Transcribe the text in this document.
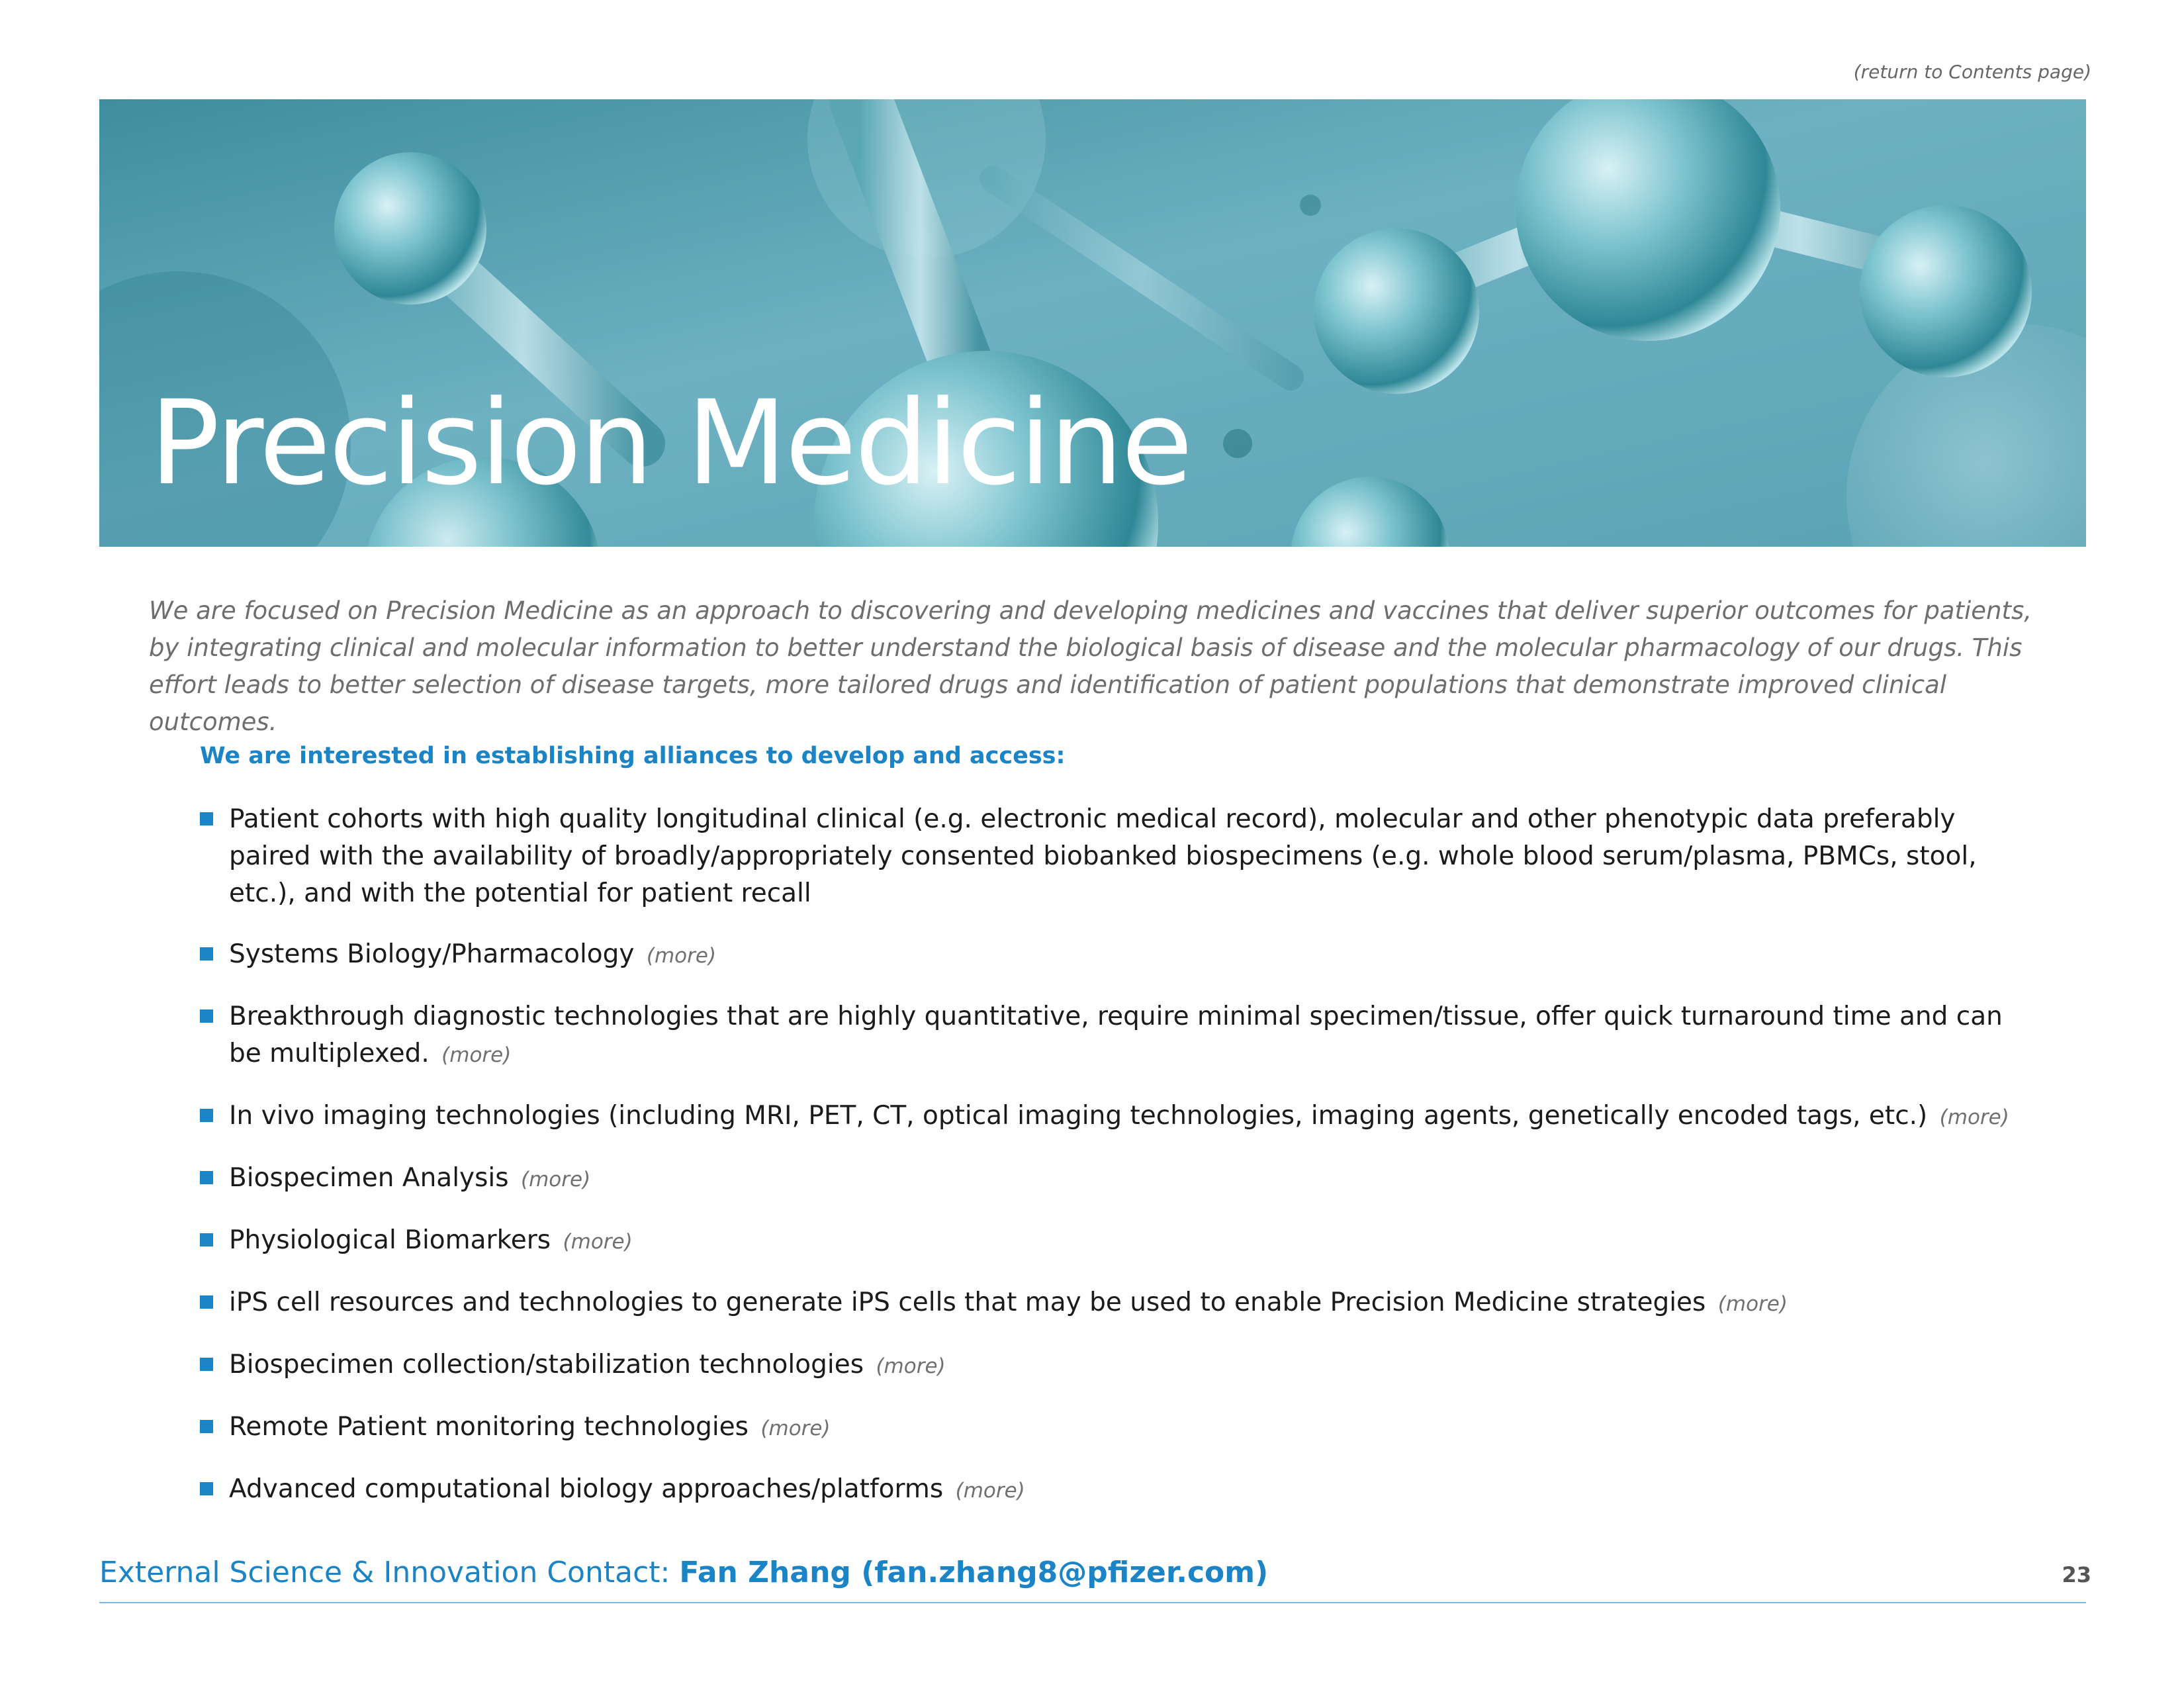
(return to Contents page)
Precision Medicine

We are focused on Precision Medicine as an approach to discovering and developing medicines and vaccines that deliver superior outcomes for patients, by integrating clinical and molecular information to better understand the biological basis of disease and the molecular pharmacology of our drugs. This effort leads to better selection of disease targets, more tailored drugs and identification of patient populations that demonstrate improved clinical outcomes.

We are interested in establishing alliances to develop and access:

Patient cohorts with high quality longitudinal clinical (e.g. electronic medical record), molecular and other phenotypic data preferably paired with the availability of broadly/appropriately consented biobanked biospecimens (e.g. whole blood serum/plasma, PBMCs, stool, etc.), and with the potential for patient recall
Systems Biology/Pharmacology (more)
Breakthrough diagnostic technologies that are highly quantitative, require minimal specimen/tissue, offer quick turnaround time and can be multiplexed. (more)
In vivo imaging technologies (including MRI, PET, CT, optical imaging technologies, imaging agents, genetically encoded tags, etc.) (more)
Biospecimen Analysis (more)
Physiological Biomarkers (more)
iPS cell resources and technologies to generate iPS cells that may be used to enable Precision Medicine strategies (more)
Biospecimen collection/stabilization technologies (more)
Remote Patient monitoring technologies (more)
Advanced computational biology approaches/platforms (more)

External Science & Innovation Contact: Fan Zhang (fan.zhang8@pfizer.com)	23
